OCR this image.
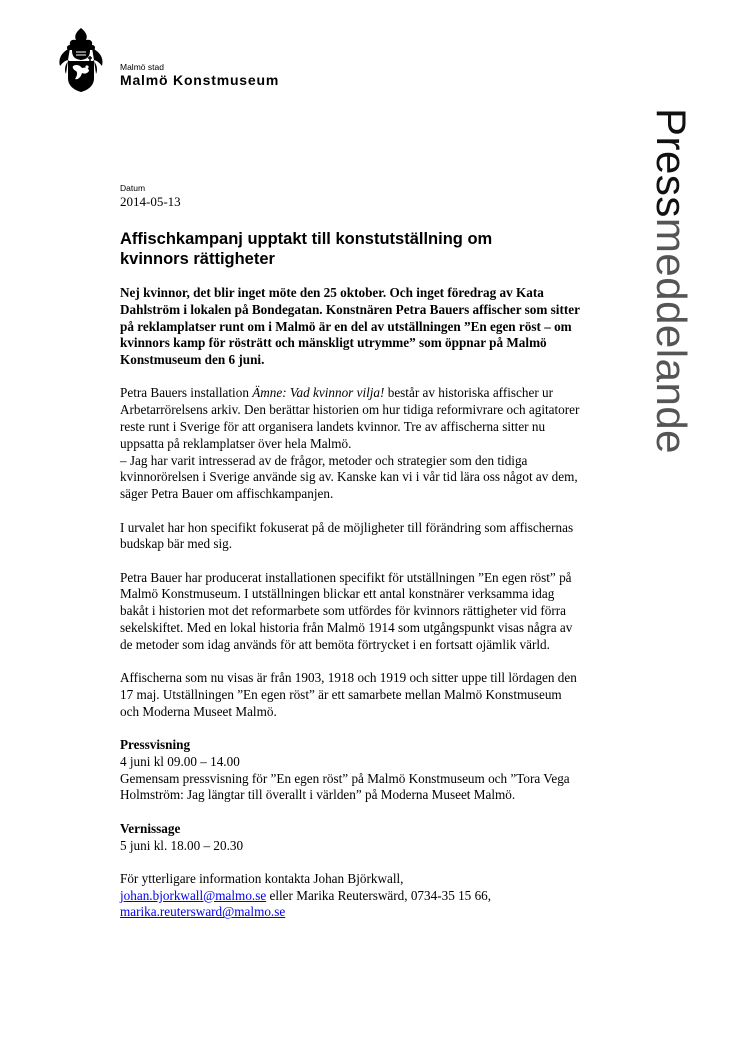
Malmö stad
Malmö Konstmuseum
Pressmeddelande
Datum
2014-05-13
Affischkampanj upptakt till konstutställning om kvinnors rättigheter

Nej kvinnor, det blir inget möte den 25 oktober. Och inget föredrag av Kata Dahlström i lokalen på Bondegatan. Konstnären Petra Bauers affischer som sitter på reklamplatser runt om i Malmö är en del av utställningen ”En egen röst – om kvinnors kamp för rösträtt och mänskligt utrymme” som öppnar på Malmö Konstmuseum den 6 juni.

Petra Bauers installation Ämne: Vad kvinnor vilja! består av historiska affischer ur Arbetarrörelsens arkiv. Den berättar historien om hur tidiga reformivrare och agitatorer reste runt i Sverige för att organisera landets kvinnor. Tre av affischerna sitter nu uppsatta på reklamplatser över hela Malmö.
– Jag har varit intresserad av de frågor, metoder och strategier som den tidiga kvinnorörelsen i Sverige använde sig av. Kanske kan vi i vår tid lära oss något av dem, säger Petra Bauer om affischkampanjen.

I urvalet har hon specifikt fokuserat på de möjligheter till förändring som affischernas budskap bär med sig.

Petra Bauer har producerat installationen specifikt för utställningen ”En egen röst” på Malmö Konstmuseum. I utställningen blickar ett antal konstnärer verksamma idag bakåt i historien mot det reformarbete som utfördes för kvinnors rättigheter vid förra sekelskiftet. Med en lokal historia från Malmö 1914 som utgångspunkt visas några av de metoder som idag används för att bemöta förtrycket i en fortsatt ojämlik värld.

Affischerna som nu visas är från 1903, 1918 och 1919 och sitter uppe till lördagen den 17 maj. Utställningen ”En egen röst” är ett samarbete mellan Malmö Konstmuseum och Moderna Museet Malmö.

Pressvisning
4 juni kl 09.00 – 14.00

Gemensam pressvisning för ”En egen röst” på Malmö Konstmuseum och ”Tora Vega Holmström: Jag längtar till överallt i världen” på Moderna Museet Malmö.

Vernissage

5 juni kl. 18.00 – 20.30

För ytterligare information kontakta Johan Björkwall,
johan.bjorkwall@malmo.se eller Marika Reuterswärd, 0734-35 15 66,
marika.reutersward@malmo.se
